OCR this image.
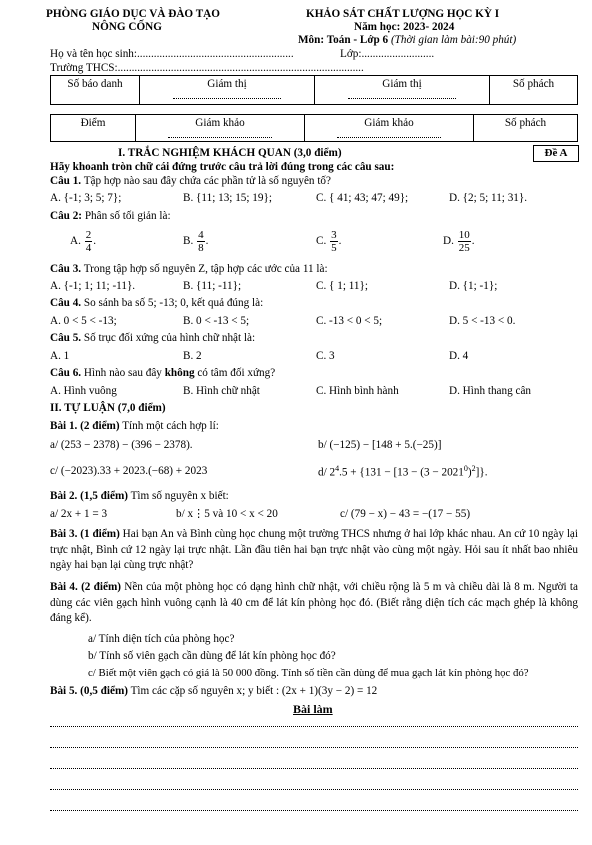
PHÒNG GIÁO DỤC VÀ ĐÀO TẠO
NÔNG CỐNG
KHẢO SÁT CHẤT LƯỢNG HỌC KỲ I
Năm học: 2023- 2024
Môn: Toán - Lớp 6 (Thời gian làm bài:90 phút)
Họ và tên học sinh:........................................................	Lớp:..........................
Trường THCS:........................................................................................
Số báo danh	Giám thị	Giám thị	Số phách
Điểm	Giám khảo	Giám khảo	Số phách
Đề A
I. TRẮC NGHIỆM KHÁCH QUAN (3,0 điểm)
Hãy khoanh tròn chữ cái đứng trước câu trả lời đúng trong các câu sau:
Câu 1. Tập hợp nào sau đây chứa các phần tử là số nguyên tố?
A. {-1; 3; 5; 7};	B. {11; 13; 15; 19};	C. { 41; 43; 47; 49};	D. {2; 5; 11; 31}.
Câu 2: Phân số tối giản là:
A. $\frac{2}{4}$ .	B. $\frac{4}{8}$ .	C. $\frac{3}{5}$ .	D. $\frac{10}{25}$ .
Câu 3. Trong tập hợp số nguyên Z, tập hợp các ước của 11 là:
A. {-1; 1; 11; -11}.	B. {11; -11};	C. { 1; 11};	D. {1; -1};
Câu 4. So sánh ba số 5; -13; 0, kết quả đúng là:
A. 0 < 5 < -13;	B. 0 < -13 < 5;	C. -13 < 0 < 5;	D. 5 < -13 < 0.
Câu 5. Số trục đối xứng của hình chữ nhật là:
A. 1	B. 2	C. 3	D. 4
Câu 6. Hình nào sau đây không có tâm đối xứng?
A. Hình vuông	B. Hình chữ nhật	C. Hình bình hành	D. Hình thang cân
II. TỰ LUẬN (7,0 điểm)
Bài 1. (2 điểm) Tính một cách hợp lí:
a/ (253 − 2378) − (396 − 2378).	b/ (−125) − [148 + 5.(−25)]
c/ (−2023).33 + 2023.(−68) + 2023	d/ $2^4.5 + \{131 - [13 - (3 - 2021^0)^2]\}$.
Bài 2. (1,5 điểm) Tìm số nguyên x biết:
a/ 2x + 1 = 3	b/ x⋮5 và 10 < x < 20	c/ (79 − x) − 43 = −(17 − 55)
Bài 3. (1 điểm) Hai bạn An và Bình cùng học chung một trường THCS nhưng ở hai lớp khác nhau. An cứ 10 ngày lại trực nhật, Bình cứ 12 ngày lại trực nhật. Lần đầu tiên hai bạn trực nhật vào cùng một ngày. Hỏi sau ít nhất bao nhiêu ngày hai bạn lại cùng trực nhật?
Bài 4. (2 điểm) Nền của một phòng học có dạng hình chữ nhật, với chiều rộng là 5 m và chiều dài là 8 m. Người ta dùng các viên gạch hình vuông cạnh là 40 cm để lát kín phòng học đó. (Biết rằng diện tích các mạch ghép là không đáng kể).
a/ Tính diện tích của phòng học?
b/ Tính số viên gạch cần dùng để lát kín phòng học đó?
c/ Biết một viên gạch có giá là 50 000 đồng. Tính số tiền cần dùng để mua gạch lát kín phòng học đó?
Bài 5. (0,5 điểm) Tìm các cặp số nguyên x; y biết : (2x + 1)(3y − 2) = 12
Bài làm
